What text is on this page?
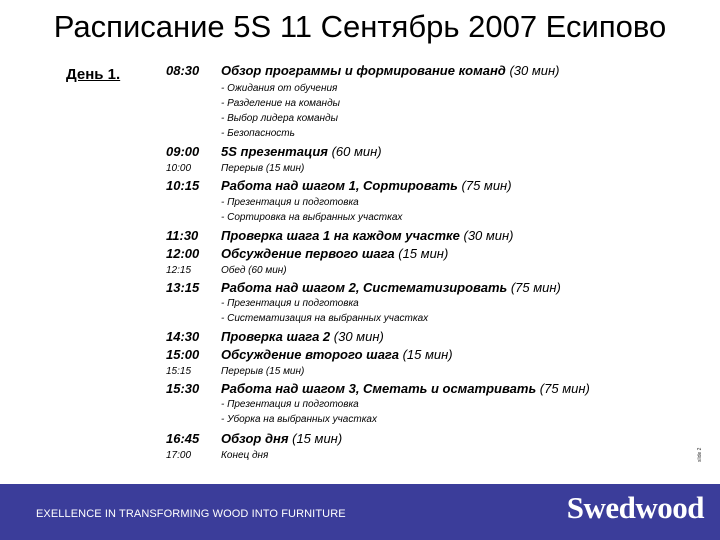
Расписание 5S 11 Сентябрь 2007 Есипово
День 1.	08:30 Обзор программы и формирование команд (30 мин)
- Ожидания от обучения
- Разделение на команды
- Выбор лидера команды
- Безопасность
09:00 5S презентация (60 мин)
10:00	Перерыв (15 мин)
10:15 Работа над шагом 1, Сортировать (75 мин)
- Презентация и подготовка
- Сортировка на выбранных участках
11:30 Проверка шага 1 на каждом участке (30 мин)
12:00 Обсуждение первого шага (15 мин)
12:15	Обед (60 мин)
13:15 Работа над шагом 2, Систематизировать (75 мин)
- Презентация и подготовка
- Систематизация на выбранных участках
14:30 Проверка шага 2 (30 мин)
15:00 Обсуждение второго шага (15 мин)
15:15	Перерыв (15 мин)
15:30 Работа над шагом 3, Сметать и осматривать (75 мин)
- Презентация и подготовка
- Уборка на выбранных участках
16:45 Обзор дня (15 мин)
17:00	Конец дня	slide 2
EXELLENCE IN TRANSFORMING WOOD INTO FURNITURE	Swedwood
